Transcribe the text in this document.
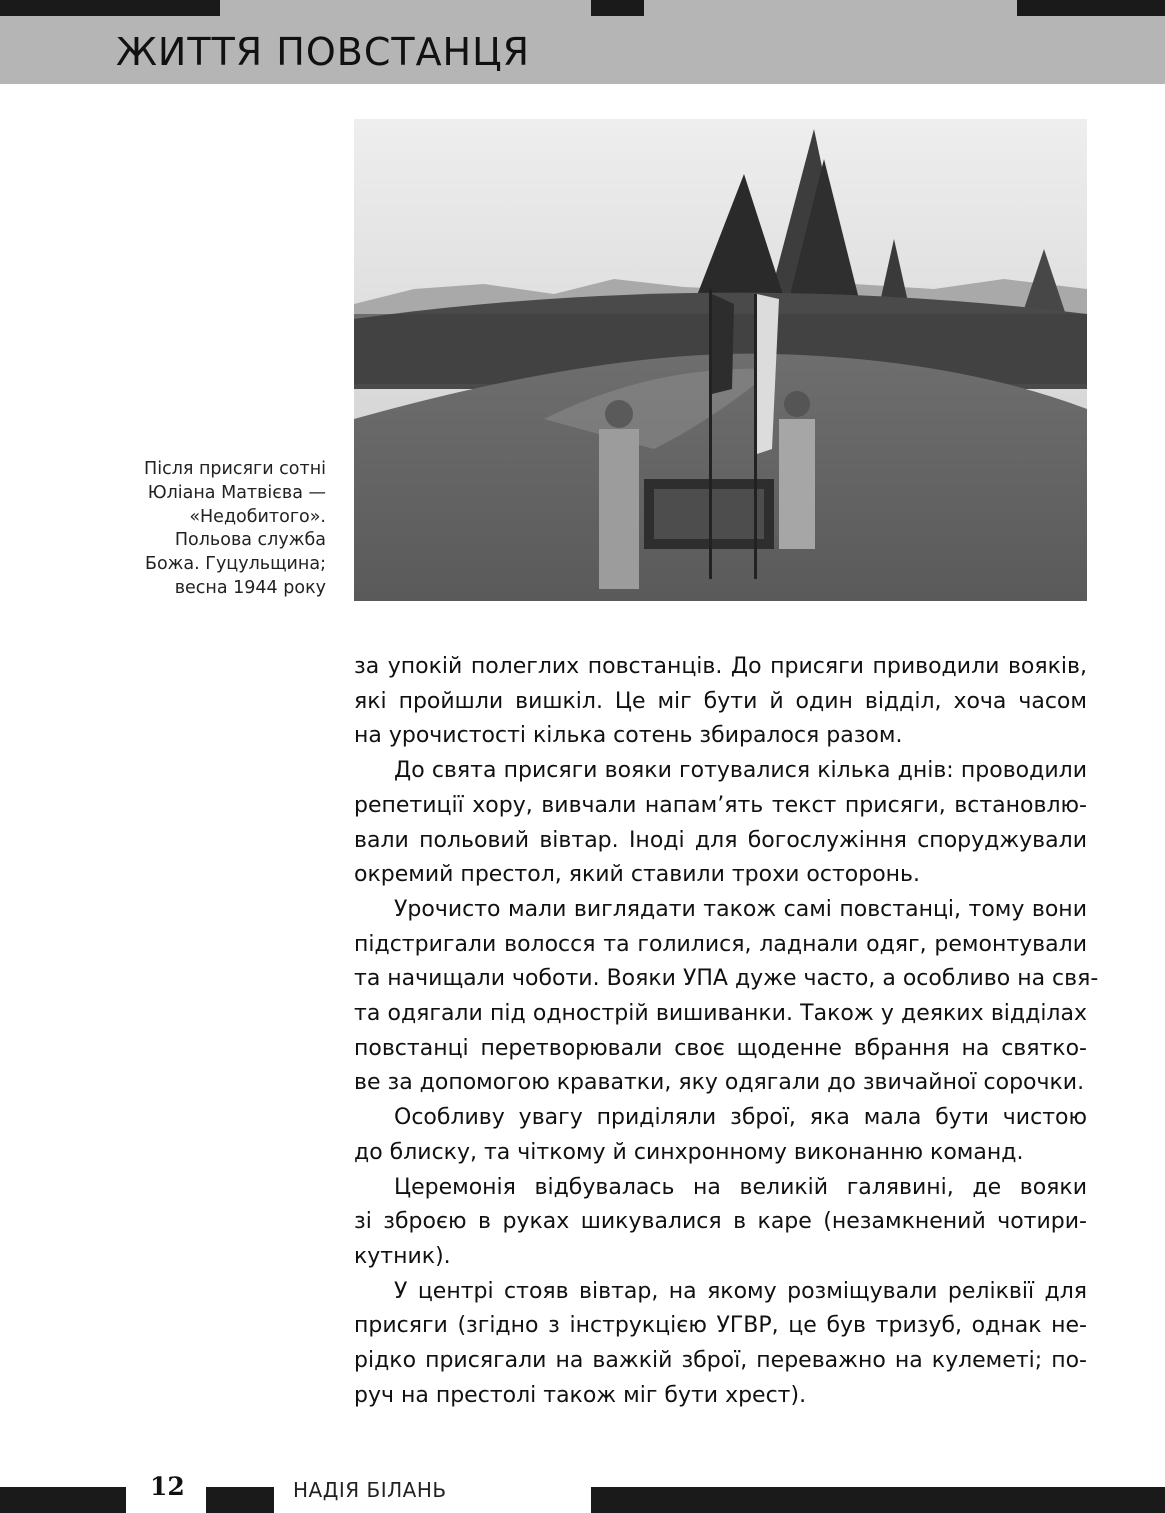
ЖИТТЯ ПОВСТАНЦЯ
Після присяги сотні
Юліана Матвієва —
«Недобитого».
Польова служба
Божа. Гуцульщина;
весна 1944 року
за упокій полеглих повстанців. До присяги приводили вояків,
які пройшли вишкіл. Це міг бути й один відділ, хоча часом
на урочистості кілька сотень збиралося разом.
До свята присяги вояки готувалися кілька днів: проводили
репетиції хору, вивчали напам’ять текст присяги, встановлю-
вали польовий вівтар. Іноді для богослужіння споруджували
окремий престол, який ставили трохи осторонь.
Урочисто мали виглядати також самі повстанці, тому вони
підстригали волосся та голилися, ладнали одяг, ремонтували
та начищали чоботи. Вояки УПА дуже часто, а особливо на свя-
та одягали під однострій вишиванки. Також у деяких відділах
повстанці перетворювали своє щоденне вбрання на святко-
ве за допомогою краватки, яку одягали до звичайної сорочки.
Особливу увагу приділяли зброї, яка мала бути чистою
до блиску, та чіткому й синхронному виконанню команд.
Церемонія відбувалась на великій галявині, де вояки
зі зброєю в руках шикувалися в каре (незамкнений чотири-
кутник).
У центрі стояв вівтар, на якому розміщували реліквії для
присяги (згідно з інструкцією УГВР, це був тризуб, однак не-
рідко присягали на важкій зброї, переважно на кулеметі; по-
руч на престолі також міг бути хрест).
12	НАДІЯ БІЛАНЬ
